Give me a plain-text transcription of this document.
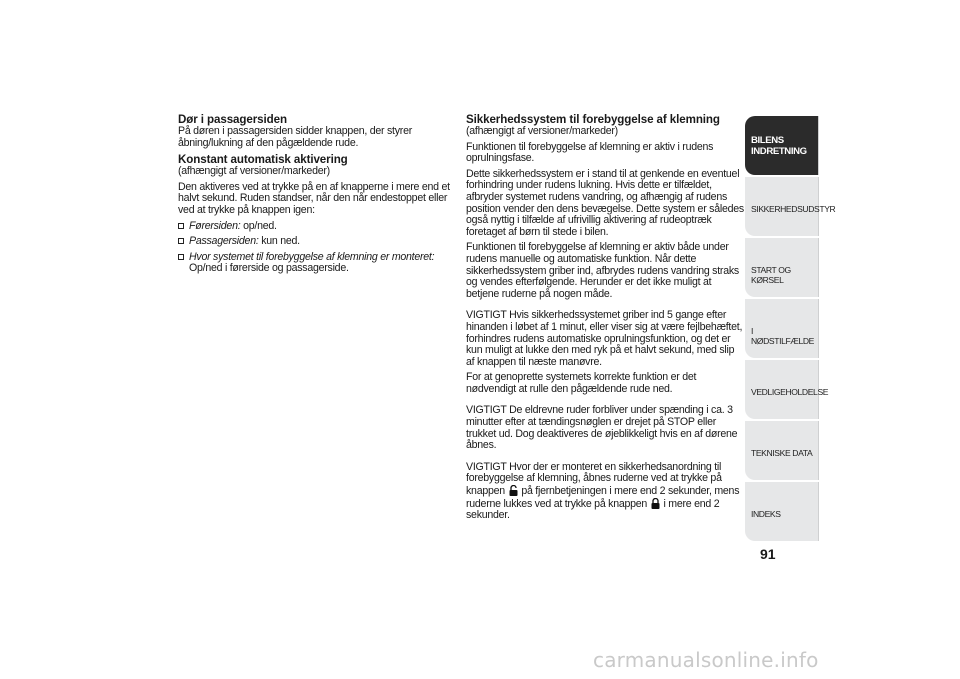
Dør i passagersiden

På døren i passagersiden sidder knappen, der styrer åbning/lukning af den pågældende rude.

Konstant automatisk aktivering

(afhængigt af versioner/markeder)

Den aktiveres ved at trykke på en af knapperne i mere end et halvt sekund. Ruden standser, når den når endestoppet eller ved at trykke på knappen igen:

Førersiden: op/ned.
Passagersiden: kun ned.
Hvor systemet til forebyggelse af klemning er monteret: Op/ned i førerside og passagerside.
Sikkerhedssystem til forebyggelse af klemning

(afhængigt af versioner/markeder)

Funktionen til forebyggelse af klemning er aktiv i rudens oprulningsfase.

Dette sikkerhedssystem er i stand til at genkende en eventuel forhindring under rudens lukning. Hvis dette er tilfældet, afbryder systemet rudens vandring, og afhængig af rudens position vender den dens bevægelse. Dette system er således også nyttig i tilfælde af ufrivillig aktivering af rudeoptræk foretaget af børn til stede i bilen.

Funktionen til forebyggelse af klemning er aktiv både under rudens manuelle og automatiske funktion. Når dette sikkerhedssystem griber ind, afbrydes rudens vandring straks og vendes efterfølgende. Herunder er det ikke muligt at betjene ruderne på nogen måde.

VIGTIGT Hvis sikkerhedssystemet griber ind 5 gange efter hinanden i løbet af 1 minut, eller viser sig at være fejlbehæftet, forhindres rudens automatiske oprulningsfunktion, og det er kun muligt at lukke den med ryk på et halvt sekund, med slip af knappen til næste manøvre.

For at genoprette systemets korrekte funktion er det nødvendigt at rulle den pågældende rude ned.

VIGTIGT De eldrevne ruder forbliver under spænding i ca. 3 minutter efter at tændingsnøglen er drejet på STOP eller trukket ud. Dog deaktiveres de øjeblikkeligt hvis en af dørene åbnes.

VIGTIGT Hvor der er monteret en sikkerhedsanordning til forebyggelse af klemning, åbnes ruderne ved at trykke på knappen på fjernbetjeningen i mere end 2 sekunder, mens ruderne lukkes ved at trykke på knappen i mere end 2 sekunder.

BILENS INDRETNING
SIKKERHEDSUDSTYR
START OG KØRSEL
I NØDSTILFÆLDE
VEDLIGEHOLDELSE
TEKNISKE DATA
INDEKS
91
carmanualsonline.info
